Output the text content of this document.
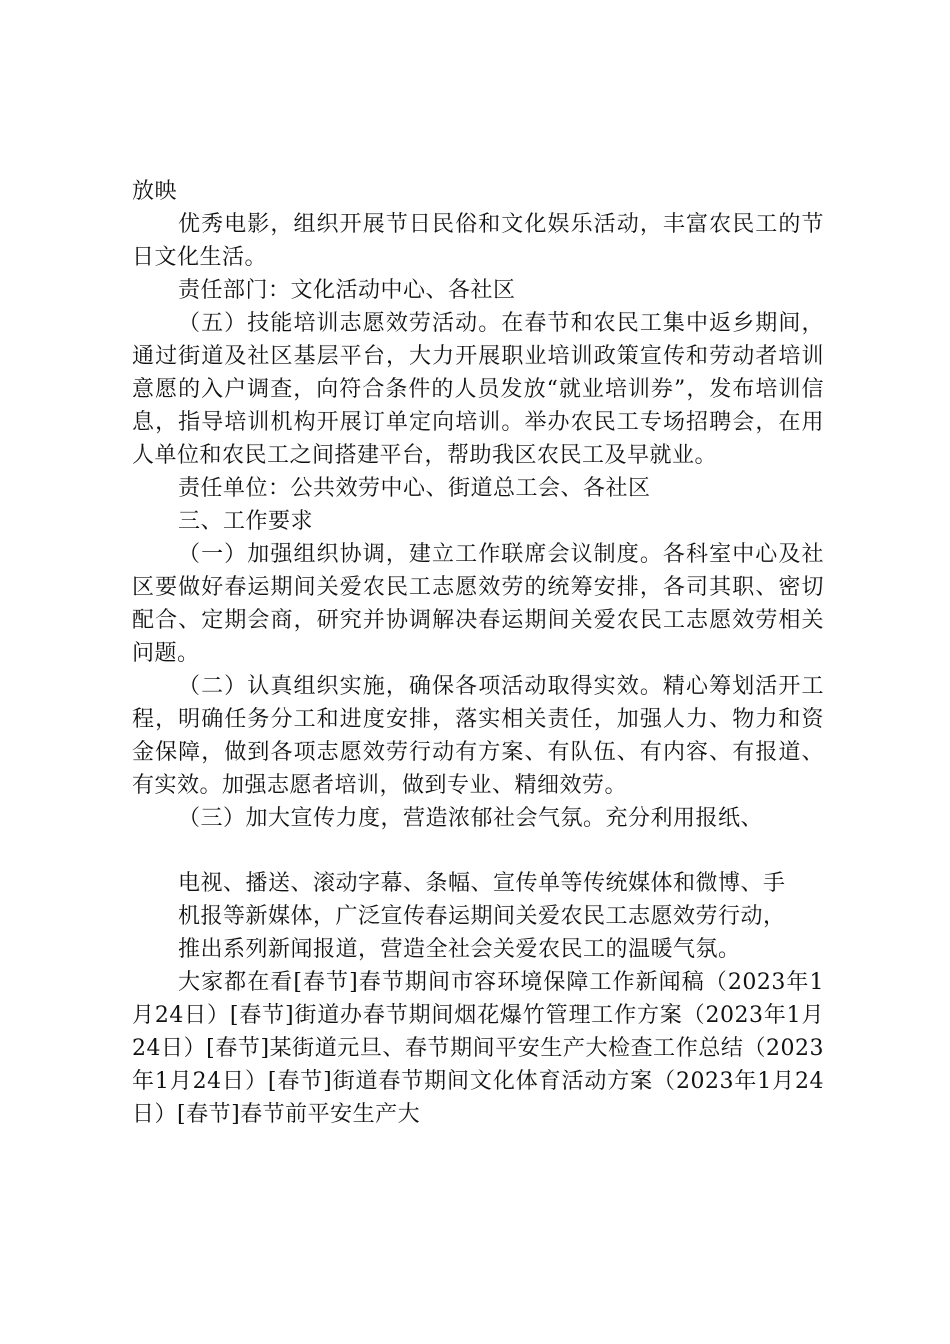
放映

优秀电影，组织开展节日民俗和文化娱乐活动，丰富农民工的节日文化生活。

责任部门：文化活动中心、各社区

（五）技能培训志愿效劳活动。在春节和农民工集中返乡期间，通过街道及社区基层平台，大力开展职业培训政策宣传和劳动者培训意愿的入户调查，向符合条件的人员发放“就业培训券”，发布培训信息，指导培训机构开展订单定向培训。举办农民工专场招聘会，在用人单位和农民工之间搭建平台，帮助我区农民工及早就业。

责任单位：公共效劳中心、街道总工会、各社区

三、工作要求

（一）加强组织协调，建立工作联席会议制度。各科室中心及社区要做好春运期间关爱农民工志愿效劳的统筹安排，各司其职、密切配合、定期会商，研究并协调解决春运期间关爱农民工志愿效劳相关问题。

（二）认真组织实施，确保各项活动取得实效。精心筹划活开工程，明确任务分工和进度安排，落实相关责任，加强人力、物力和资金保障，做到各项志愿效劳行动有方案、有队伍、有内容、有报道、有实效。加强志愿者培训，做到专业、精细效劳。

（三）加大宣传力度，营造浓郁社会气氛。充分利用报纸、

电视、播送、滚动字幕、条幅、宣传单等传统媒体和微博、手

机报等新媒体，广泛宣传春运期间关爱农民工志愿效劳行动，

推出系列新闻报道，营造全社会关爱农民工的温暖气氛。

大家都在看[春节]春节期间市容环境保障工作新闻稿（2023年1月24日）[春节]街道办春节期间烟花爆竹管理工作方案（2023年1月24日）[春节]某街道元旦、春节期间平安生产大检查工作总结（2023年1月24日）[春节]街道春节期间文化体育活动方案（2023年1月24日）[春节]春节前平安生产大
